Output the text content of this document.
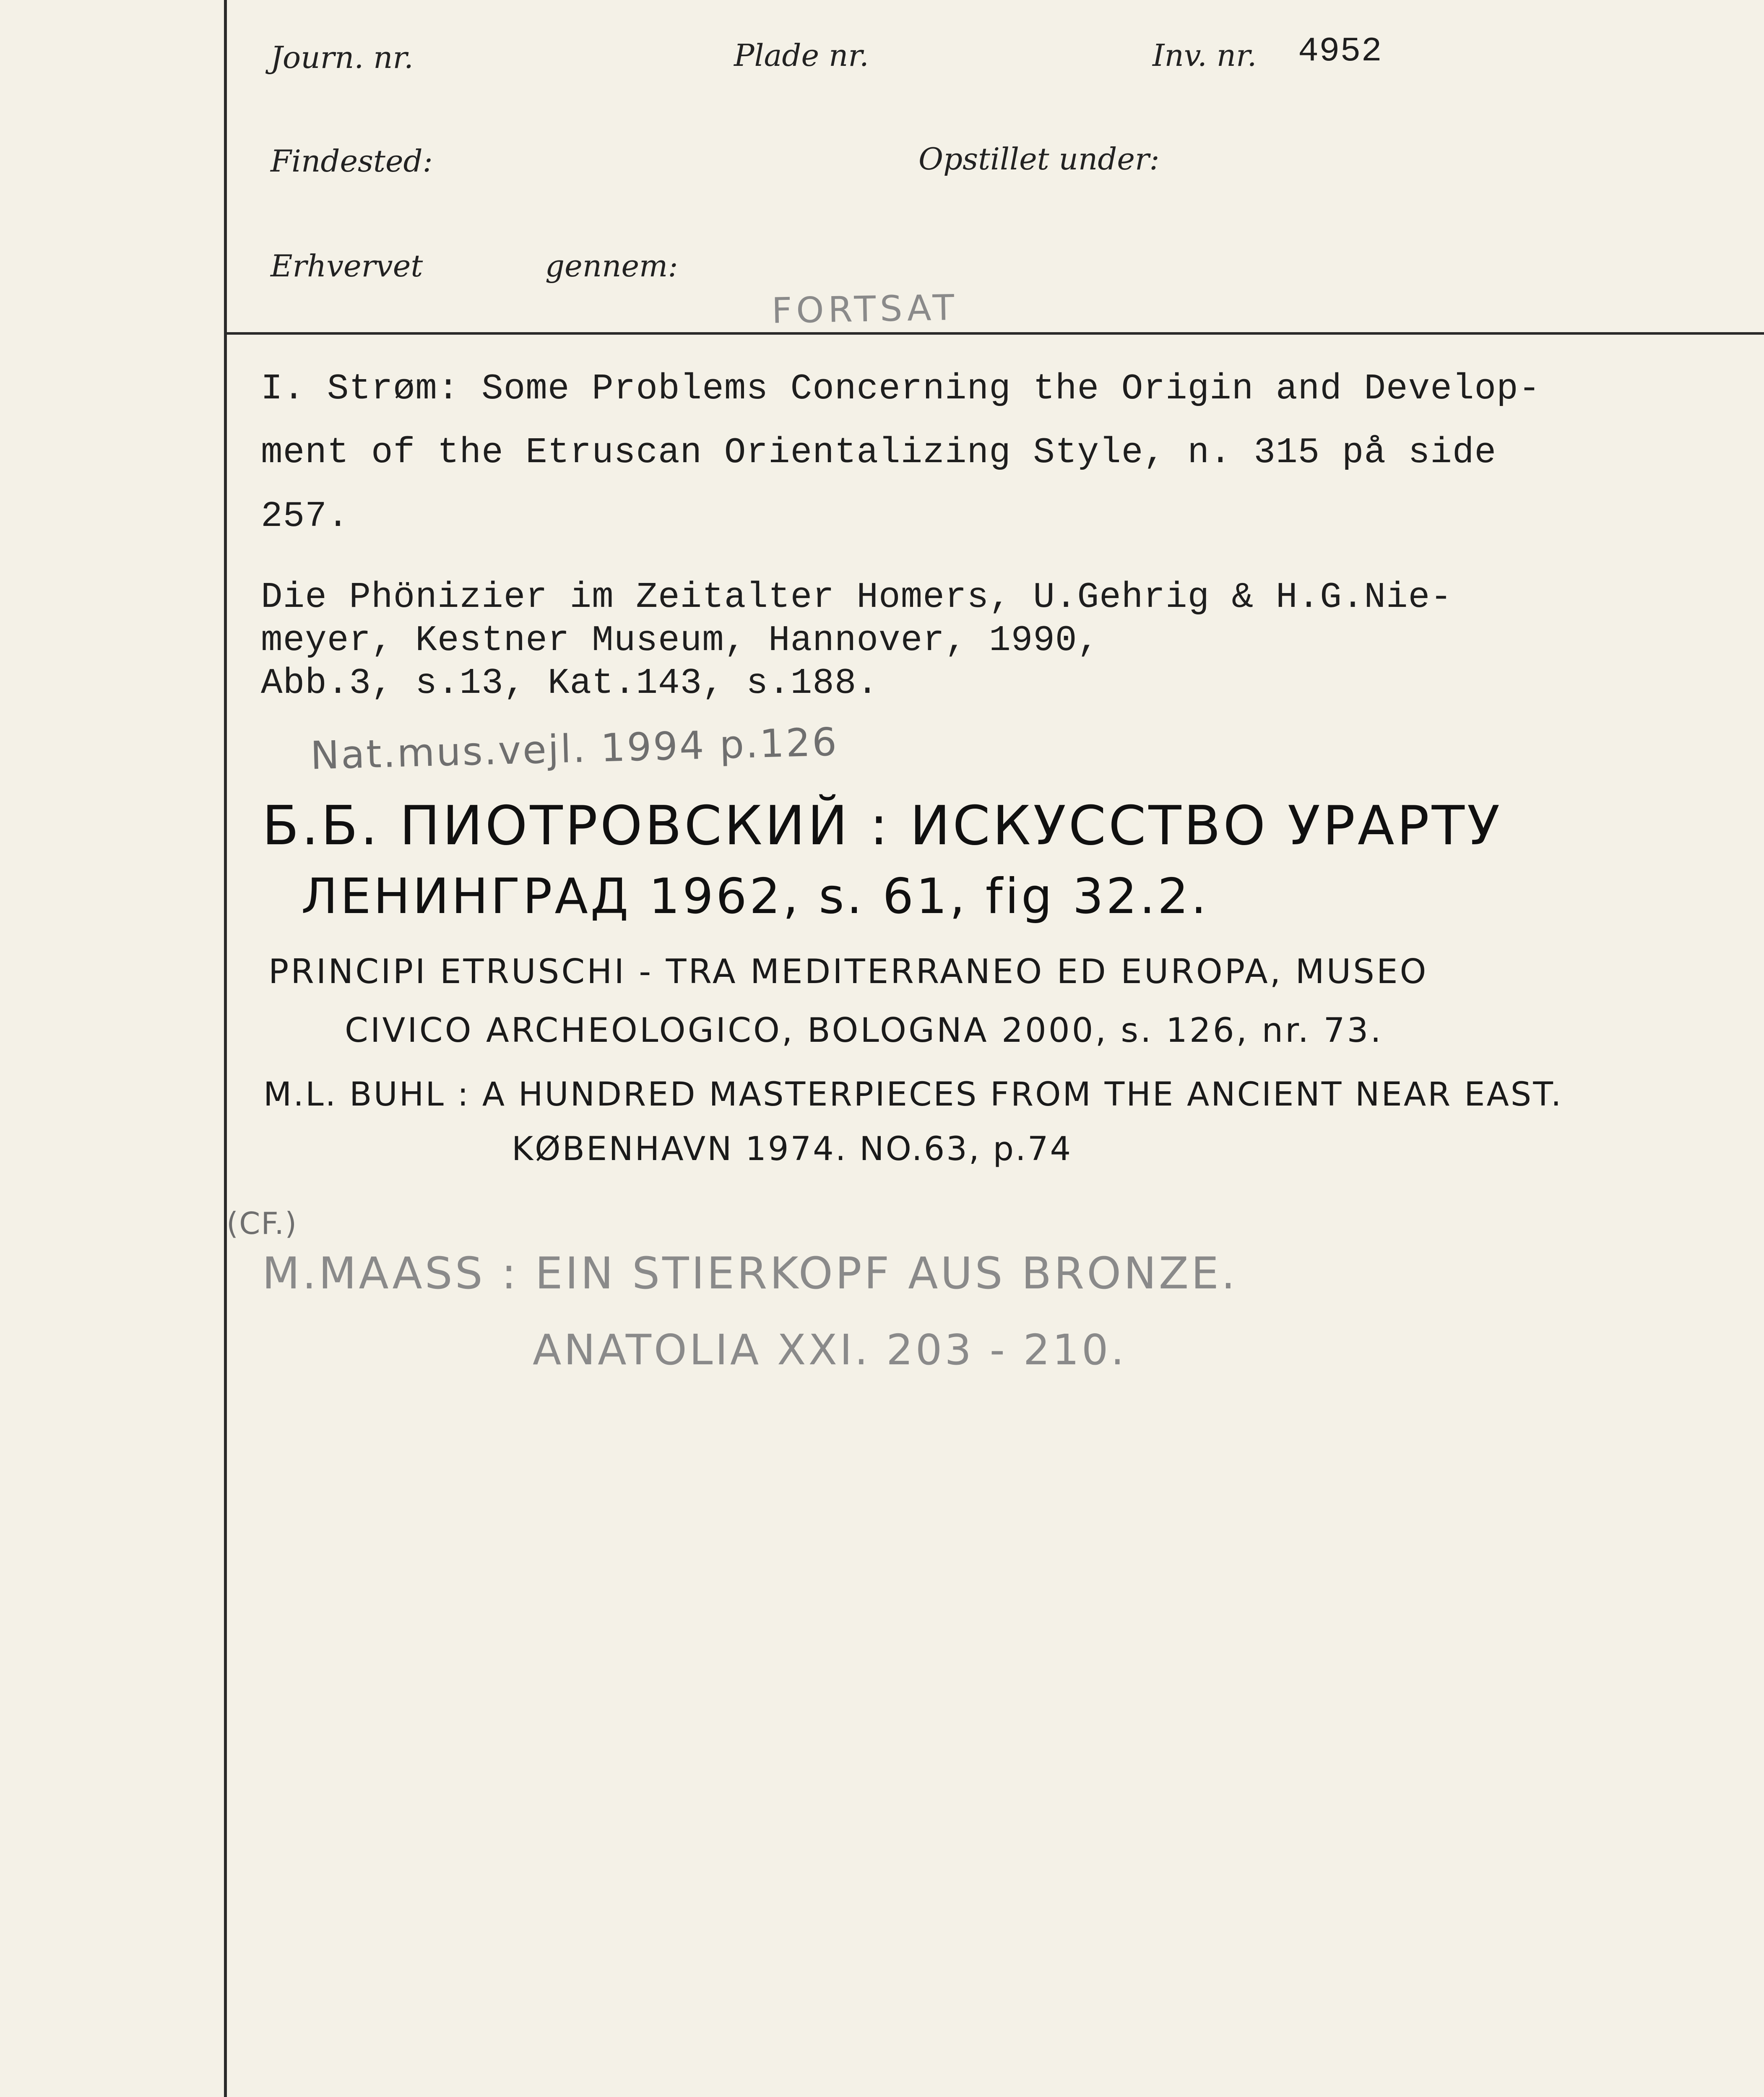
Journ. nr.	Plade nr.	Inv. nr. 4952
Findested:	Opstillet under:
Erhvervet	gennem:
FORTSAT
I. Strøm: Some Problems Concerning the Origin and Develop-
ment of the Etruscan Orientalizing Style, n. 315 på side
257.
Die Phönizier im Zeitalter Homers, U.Gehrig & H.G.Nie-
meyer, Kestner Museum, Hannover, 1990,
Abb.3, s.13, Kat.143, s.188.
Nat.mus.vejl. 1994 p.126
Б.Б. ПИОТРОВСКИЙ : ИСКУССТВО УРАРТУ
ЛЕНИНГРАД 1962, s. 61, fig 32.2.
PRINCIPI ETRUSCHI - TRA MEDITERRANEO ED EUROPA, MUSEO
CIVICO ARCHEOLOGICO, BOLOGNA 2000, s. 126, nr. 73.
M.L. BUHL : A HUNDRED MASTERPIECES FROM THE ANCIENT NEAR EAST.
KØBENHAVN 1974. NO.63, p.74
(CF.)
M.MAASS : EIN STIERKOPF AUS BRONZE.
ANATOLIA XXI. 203 - 210.
